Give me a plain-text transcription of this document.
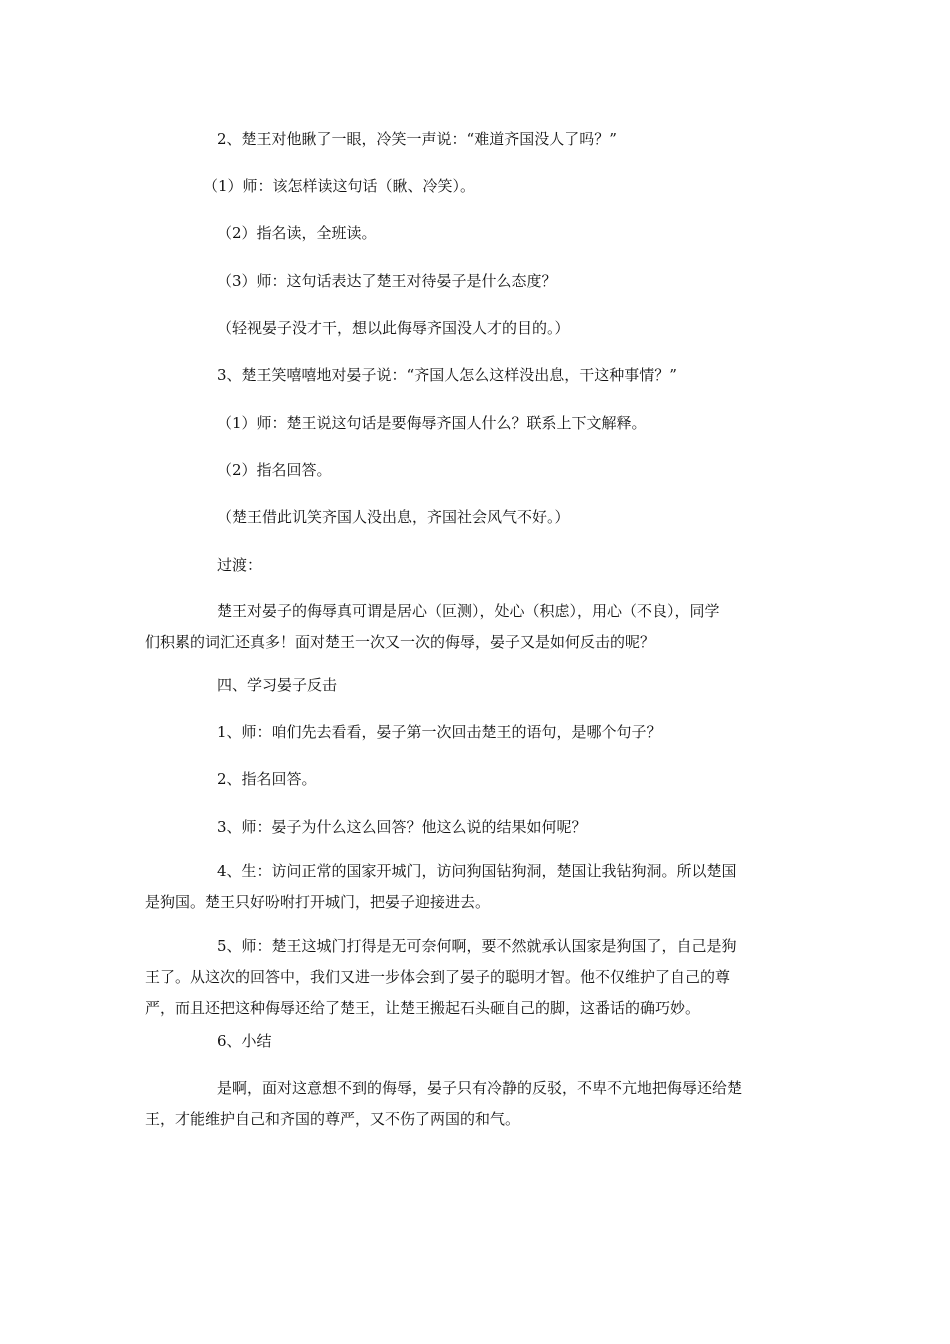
2、楚王对他瞅了一眼，冷笑一声说：“难道齐国没人了吗？”

（1）师：该怎样读这句话（瞅、冷笑）。

（2）指名读，全班读。

（3）师：这句话表达了楚王对待晏子是什么态度？

（轻视晏子没才干，想以此侮辱齐国没人才的目的。）

3、楚王笑嘻嘻地对晏子说：“齐国人怎么这样没出息，干这种事情？”

（1）师：楚王说这句话是要侮辱齐国人什么？联系上下文解释。

（2）指名回答。

（楚王借此讥笑齐国人没出息，齐国社会风气不好。）

过渡：

楚王对晏子的侮辱真可谓是居心（叵测），处心（积虑），用心（不良），同学
们积累的词汇还真多！面对楚王一次又一次的侮辱，晏子又是如何反击的呢？

四、学习晏子反击

1、师：咱们先去看看，晏子第一次回击楚王的语句，是哪个句子？

2、指名回答。

3、师：晏子为什么这么回答？他这么说的结果如何呢？

4、生：访问正常的国家开城门，访问狗国钻狗洞，楚国让我钻狗洞。所以楚国
是狗国。楚王只好吩咐打开城门，把晏子迎接进去。
5、师：楚王这城门打得是无可奈何啊，要不然就承认国家是狗国了，自己是狗
王了。从这次的回答中，我们又进一步体会到了晏子的聪明才智。他不仅维护了自己的尊
严，而且还把这种侮辱还给了楚王，让楚王搬起石头砸自己的脚，这番话的确巧妙。

6、小结

是啊，面对这意想不到的侮辱，晏子只有冷静的反驳，不卑不亢地把侮辱还给楚
王，才能维护自己和齐国的尊严，又不伤了两国的和气。
